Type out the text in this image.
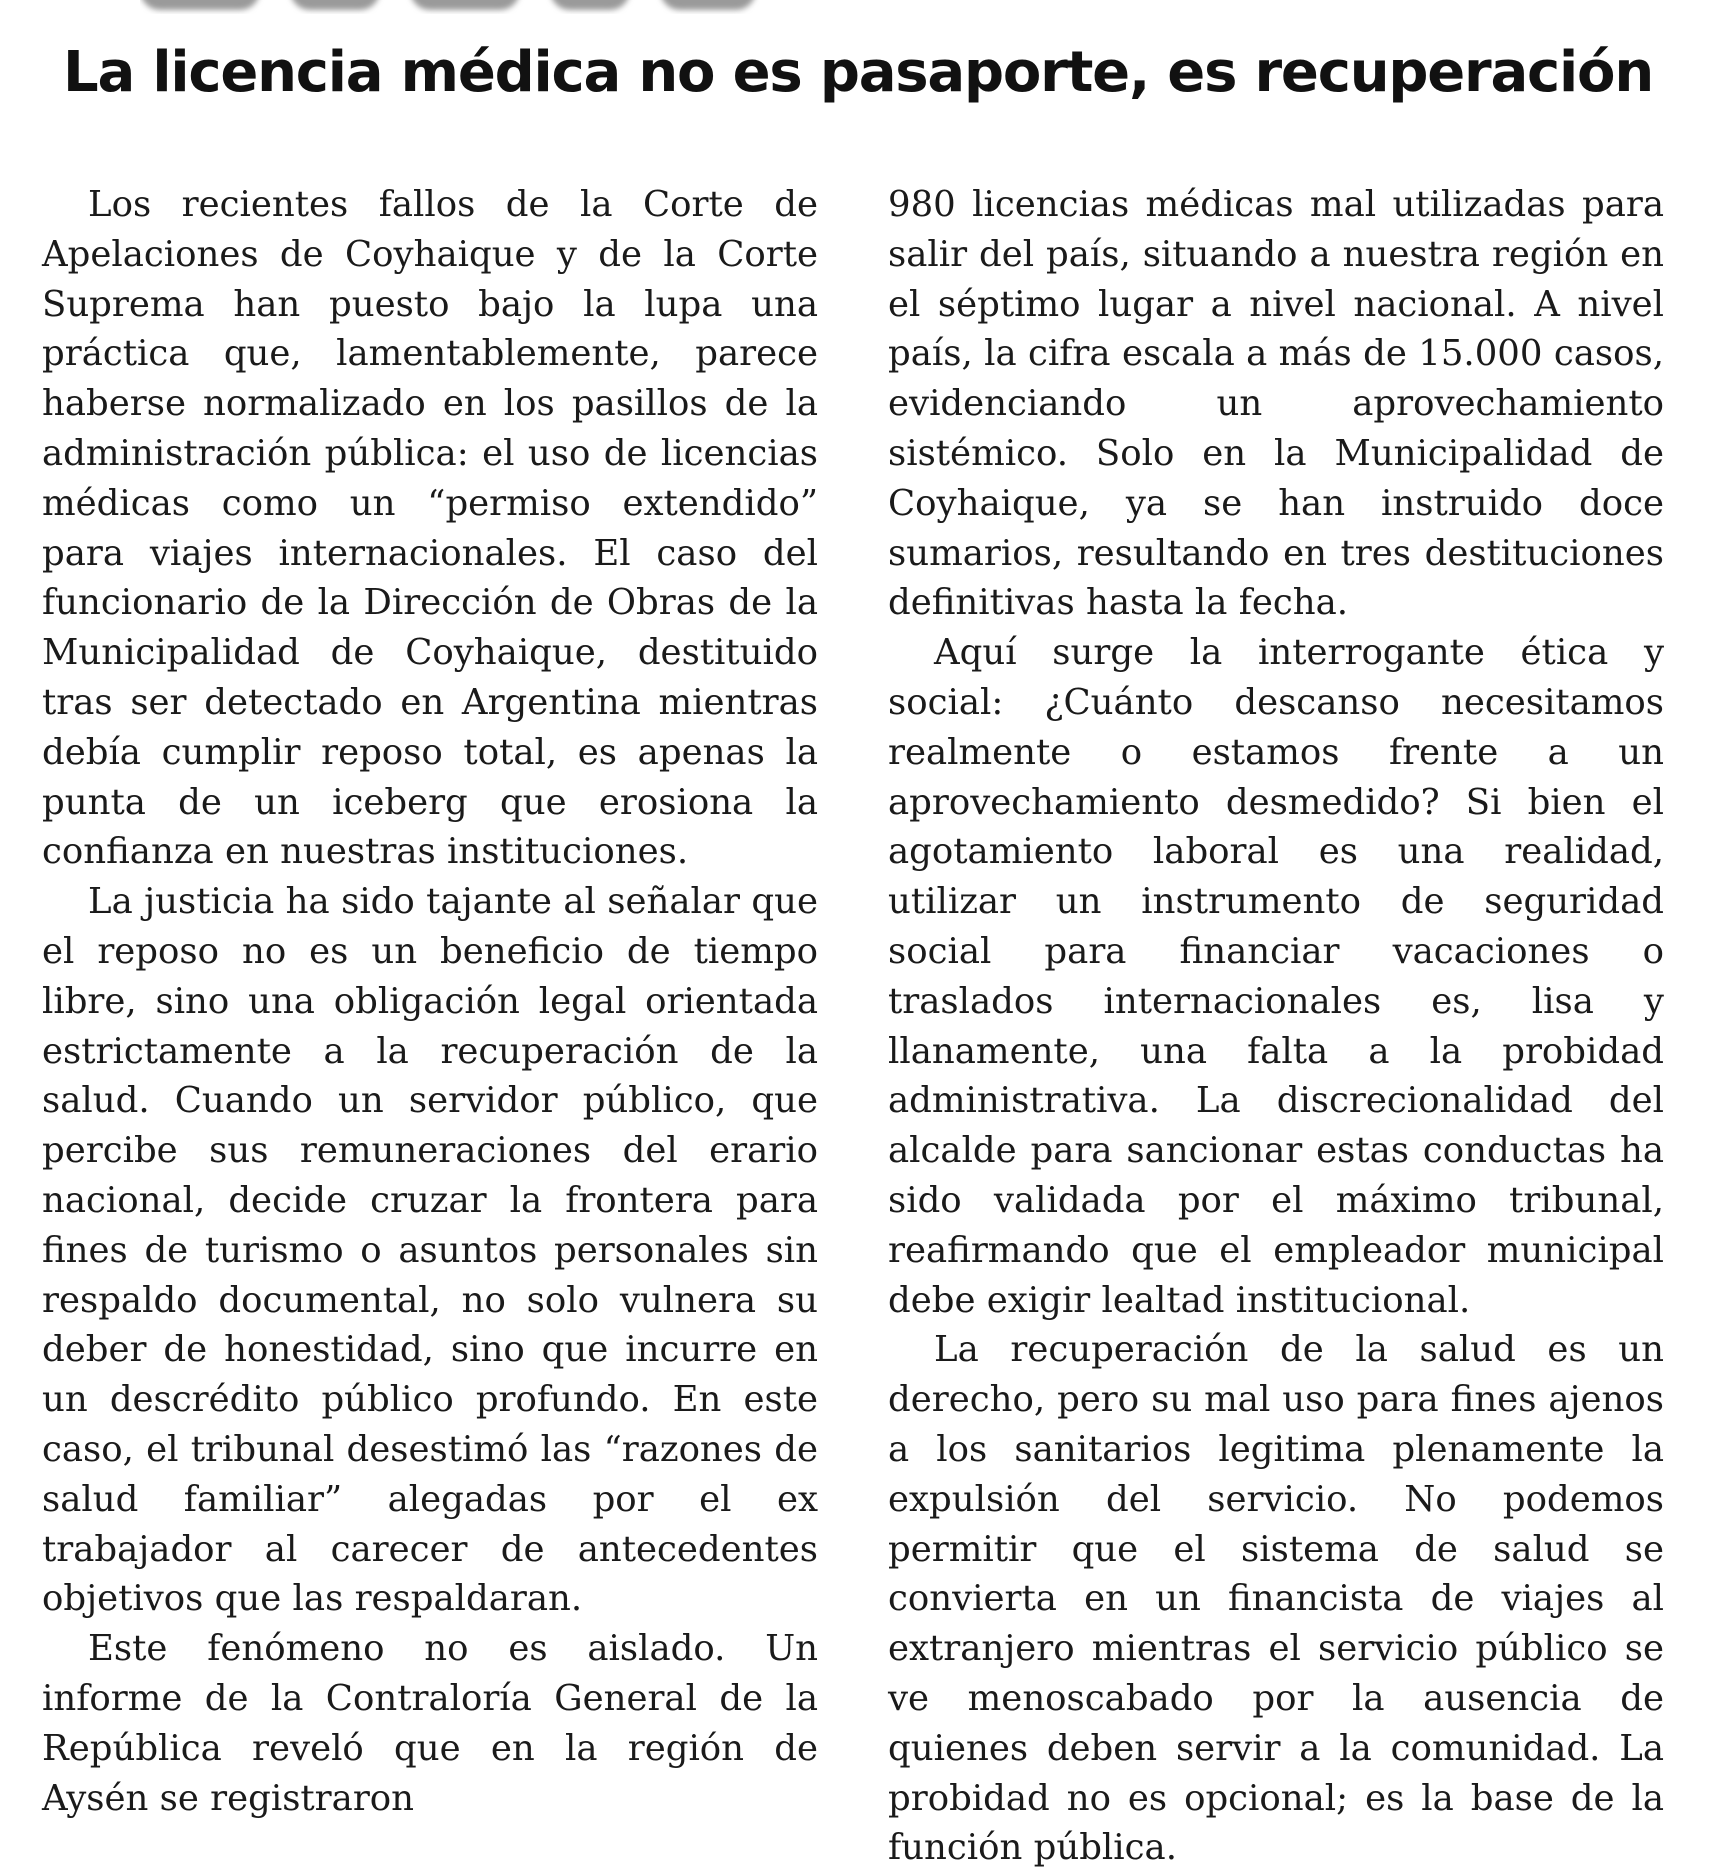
La licencia médica no es pasaporte, es recuperación

Los recientes fallos de la Corte de Apelaciones de Coyhaique y de la Corte Suprema han puesto bajo la lupa una práctica que, lamentablemente, parece haberse normalizado en los pasillos de la administración pública: el uso de licencias médicas como un “permiso extendido” para viajes internacionales. El caso del funcionario de la Dirección de Obras de la Municipalidad de Coyhaique, destituido tras ser detectado en Argentina mientras debía cumplir reposo total, es apenas la punta de un iceberg que erosiona la confianza en nuestras instituciones.

La justicia ha sido tajante al señalar que el reposo no es un beneficio de tiempo libre, sino una obligación legal orientada estrictamente a la recuperación de la salud. Cuando un servidor público, que percibe sus remuneraciones del erario nacional, decide cruzar la frontera para fines de turismo o asuntos personales sin respaldo documental, no solo vulnera su deber de honestidad, sino que incurre en un descrédito público profundo. En este caso, el tribunal desestimó las “razones de salud familiar” alegadas por el ex trabajador al carecer de antecedentes objetivos que las respaldaran.

Este fenómeno no es aislado. Un informe de la Contraloría General de la República reveló que en la región de Aysén se registraron

980 licencias médicas mal utilizadas para salir del país, situando a nuestra región en el séptimo lugar a nivel nacional. A nivel país, la cifra escala a más de 15.000 casos, evidenciando un aprovechamiento sistémico. Solo en la Municipalidad de Coyhaique, ya se han instruido doce sumarios, resultando en tres destituciones definitivas hasta la fecha.

Aquí surge la interrogante ética y social: ¿Cuánto descanso necesitamos realmente o estamos frente a un aprovechamiento desmedido? Si bien el agotamiento laboral es una realidad, utilizar un instrumento de seguridad social para financiar vacaciones o traslados internacionales es, lisa y llanamente, una falta a la probidad administrativa. La discrecionalidad del alcalde para sancionar estas conductas ha sido validada por el máximo tribunal, reafirmando que el empleador municipal debe exigir lealtad institucional.

La recuperación de la salud es un derecho, pero su mal uso para fines ajenos a los sanitarios legitima plenamente la expulsión del servicio. No podemos permitir que el sistema de salud se convierta en un financista de viajes al extranjero mientras el servicio público se ve menoscabado por la ausencia de quienes deben servir a la comunidad. La probidad no es opcional; es la base de la función pública.
